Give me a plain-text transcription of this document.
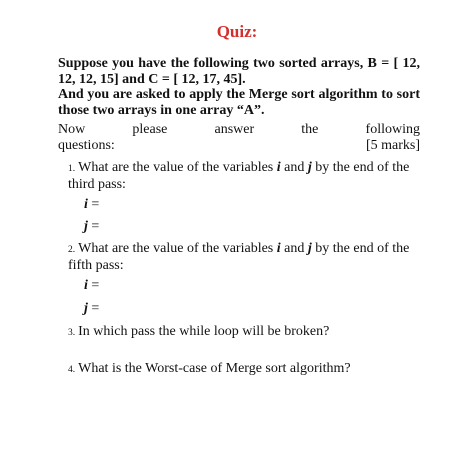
Quiz:

Suppose you have the following two sorted arrays, B = [ 12, 12, 12, 15] and C = [ 12, 17, 45].

And you are asked to apply the Merge sort algorithm to sort those two arrays in one array “A”.

Now	please	answer	the	following
questions:	[5 marks]
1. What are the value of the variables i and j by the end of the
third pass:
i =
j =
2. What are the value of the variables i and j by the end of the
fifth pass:
i =
j =
3. In which pass the while loop will be broken?
4. What is the Worst-case of Merge sort algorithm?
